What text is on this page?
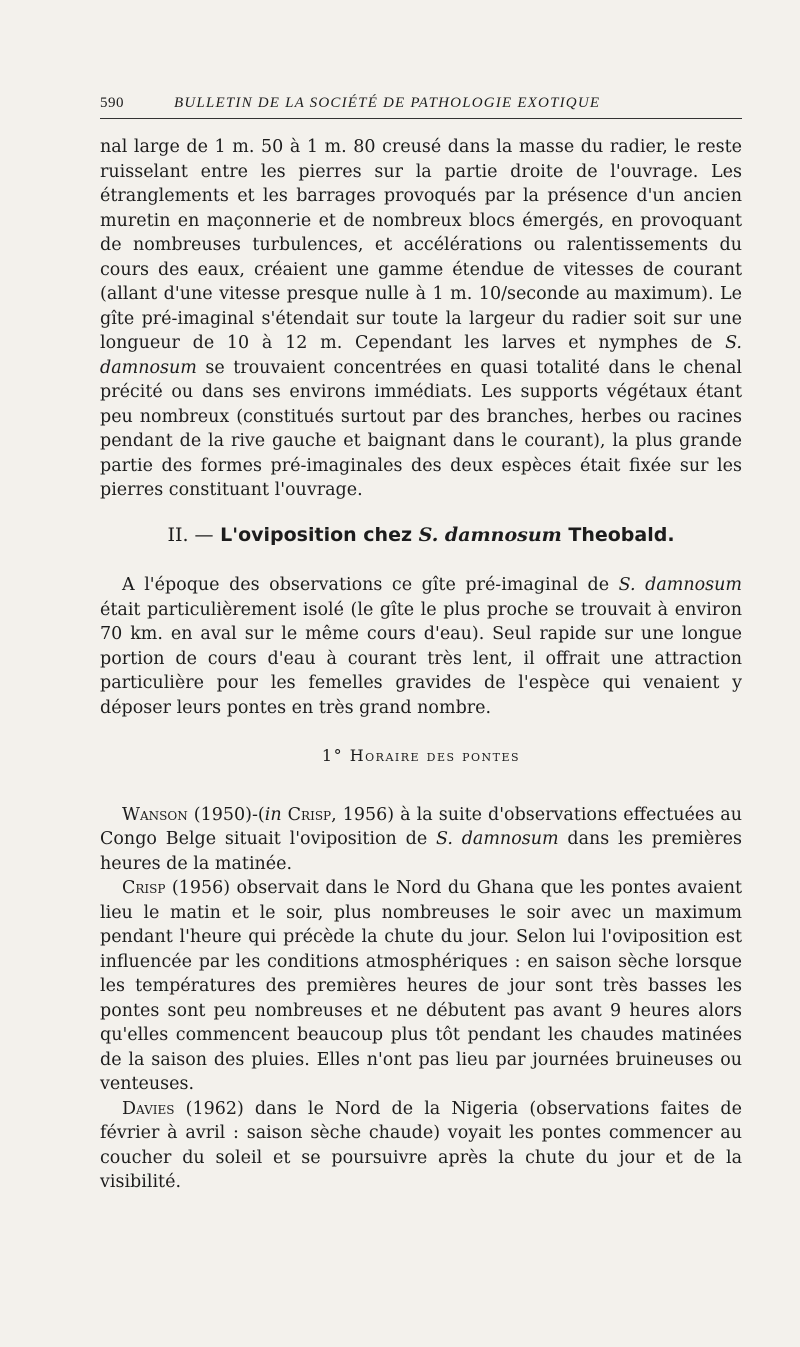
590	BULLETIN DE LA SOCIÉTÉ DE PATHOLOGIE EXOTIQUE

nal large de 1 m. 50 à 1 m. 80 creusé dans la masse du radier, le reste ruisselant entre les pierres sur la partie droite de l'ouvrage. Les étranglements et les barrages provoqués par la présence d'un ancien muretin en maçonnerie et de nombreux blocs émergés, en provoquant de nombreuses turbulences, et accélérations ou ralentissements du cours des eaux, créaient une gamme étendue de vitesses de courant (allant d'une vitesse presque nulle à 1 m. 10/seconde au maximum). Le gîte pré-imaginal s'étendait sur toute la largeur du radier soit sur une longueur de 10 à 12 m. Cependant les larves et nymphes de S. damnosum se trouvaient concentrées en quasi totalité dans le chenal précité ou dans ses environs immédiats. Les supports végétaux étant peu nombreux (constitués surtout par des branches, herbes ou racines pendant de la rive gauche et baignant dans le courant), la plus grande partie des formes pré-imaginales des deux espèces était fixée sur les pierres constituant l'ouvrage.

II. — L'oviposition chez S. damnosum Theobald.

A l'époque des observations ce gîte pré-imaginal de S. damnosum était particulièrement isolé (le gîte le plus proche se trouvait à environ 70 km. en aval sur le même cours d'eau). Seul rapide sur une longue portion de cours d'eau à courant très lent, il offrait une attraction particulière pour les femelles gravides de l'espèce qui venaient y déposer leurs pontes en très grand nombre.

1° Horaire des pontes

Wanson (1950)-(in Crisp, 1956) à la suite d'observations effectuées au Congo Belge situait l'oviposition de S. damnosum dans les premières heures de la matinée.

Crisp (1956) observait dans le Nord du Ghana que les pontes avaient lieu le matin et le soir, plus nombreuses le soir avec un maximum pendant l'heure qui précède la chute du jour. Selon lui l'oviposition est influencée par les conditions atmosphériques : en saison sèche lorsque les températures des premières heures de jour sont très basses les pontes sont peu nombreuses et ne débutent pas avant 9 heures alors qu'elles commencent beaucoup plus tôt pendant les chaudes matinées de la saison des pluies. Elles n'ont pas lieu par journées bruineuses ou venteuses.

Davies (1962) dans le Nord de la Nigeria (observations faites de février à avril : saison sèche chaude) voyait les pontes commencer au coucher du soleil et se poursuivre après la chute du jour et de la visibilité.
